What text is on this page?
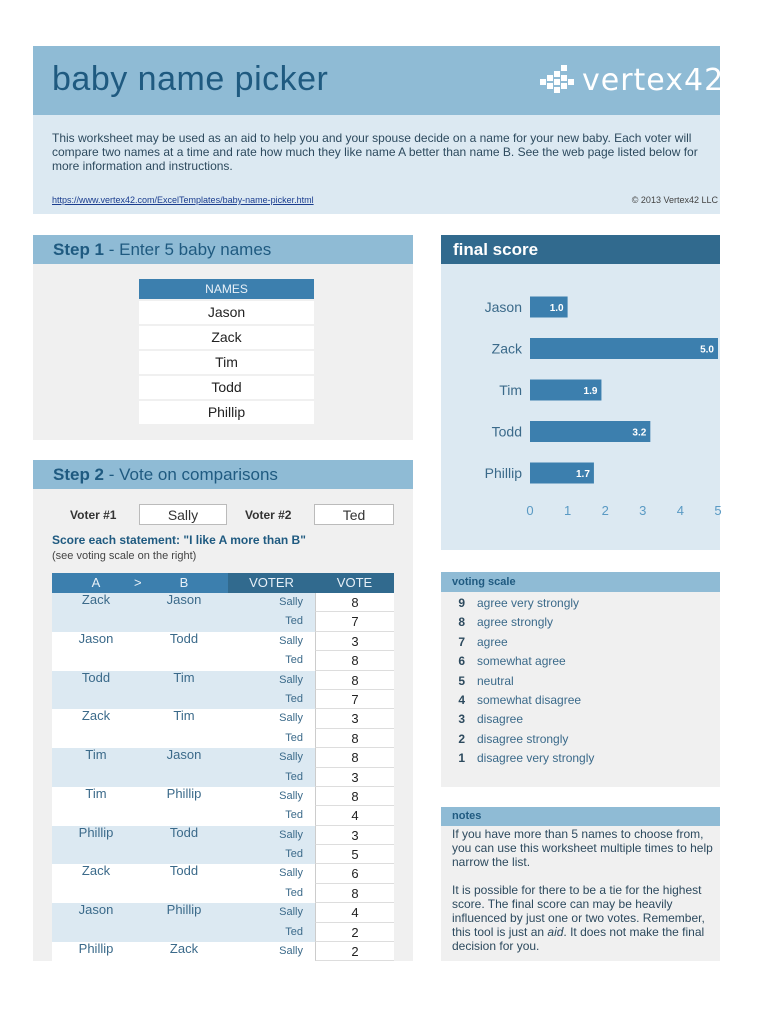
baby name picker	vertex42
This worksheet may be used as an aid to help you and your spouse decide on a name for your new baby. Each voter will compare two names at a time and rate how much they like name A better than name B. See the web page listed below for more information and instructions.
https://www.vertex42.com/ExcelTemplates/baby-name-picker.html	© 2013 Vertex42 LLC
Step 1 - Enter 5 baby names
NAMES
Jason
Zack
Tim
Todd
Phillip
Step 2 - Vote on comparisons
Voter #1	Sally	Voter #2	Ted
Score each statement: "I like A more than B"
(see voting scale on the right)
A	>	B	VOTER	VOTE
Zack	Jason	Sally	8
Ted	7
Jason	Todd	Sally	3
Ted	8
Todd	Tim	Sally	8
Ted	7
Zack	Tim	Sally	3
Ted	8
Tim	Jason	Sally	8
Ted	3
Tim	Phillip	Sally	8
Ted	4
Phillip	Todd	Sally	3
Ted	5
Zack	Todd	Sally	6
Ted	8
Jason	Phillip	Sally	4
Ted	2
Phillip	Zack	Sally	2
final score
Jason	1.0
Zack	5.0
Tim	1.9
Todd	3.2
Phillip	1.7
0 1 2 3 4 5
voting scale
9	agree very strongly
8	agree strongly
7	agree
6	somewhat agree
5	neutral
4	somewhat disagree
3	disagree
2	disagree strongly
1	disagree very strongly
notes

If you have more than 5 names to choose from, you can use this worksheet multiple times to help narrow the list.

It is possible for there to be a tie for the highest score. The final score can may be heavily influenced by just one or two votes. Remember, this tool is just an aid. It does not make the final decision for you.
